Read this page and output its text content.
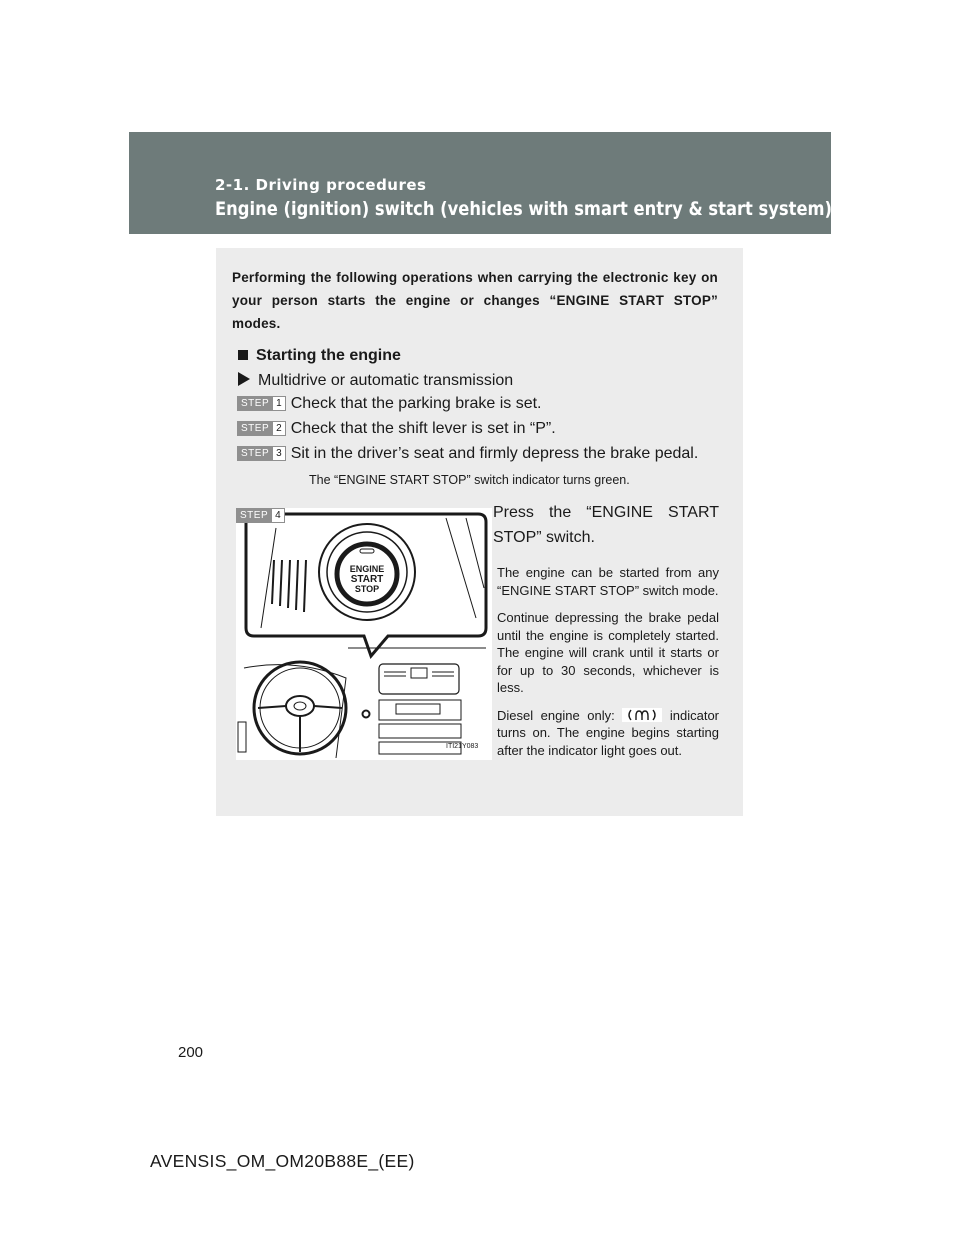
2-1. Driving procedures
Engine (ignition) switch (vehicles with smart entry & start system)
Performing the following operations when carrying the electronic key on your person starts the engine or changes “ENGINE START STOP” modes.
Starting the engine
Multidrive or automatic transmission
STEP 1 Check that the parking brake is set.
STEP 2 Check that the shift lever is set in “P”.
STEP 3 Sit in the driver’s seat and firmly depress the brake pedal.
The “ENGINE START STOP” switch indicator turns green.
ENGINE
START
STOP
ITI21Y083
STEP 4	Press the “ENGINE START STOP” switch.
The engine can be started from any “ENGINE START STOP” switch mode.
Continue depressing the brake pedal until the engine is completely started. The engine will crank until it starts or for up to 30 seconds, whichever is less.
Diesel engine only:	indicator turns on. The engine begins starting after the indicator light goes out.
200
AVENSIS_OM_OM20B88E_(EE)
